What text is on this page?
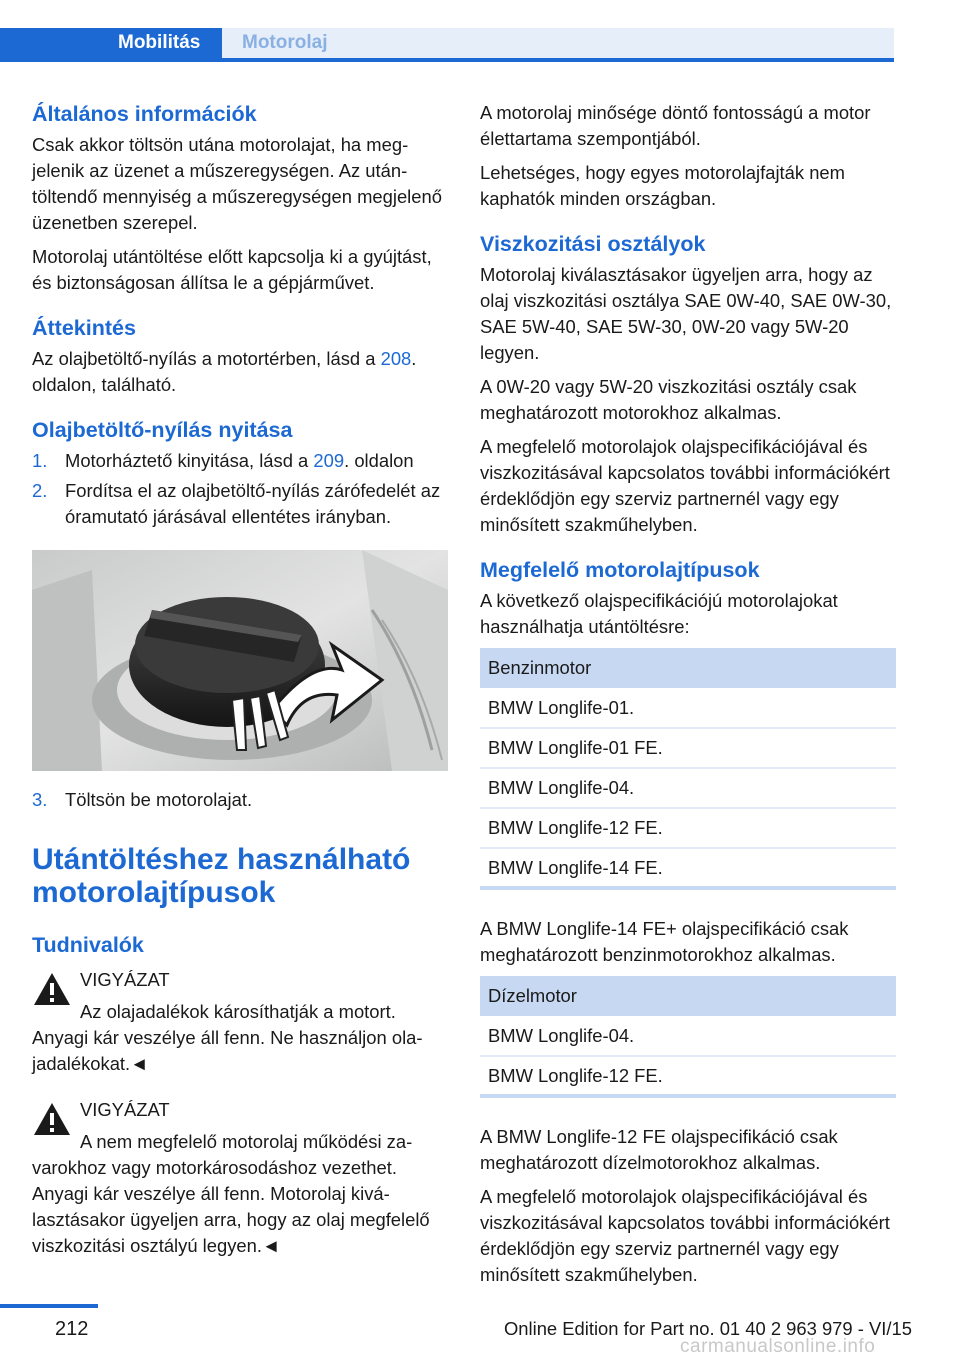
Mobilitás	Motorolaj
Általános információk

Csak akkor töltsön utána motorolajat, ha megjelenik az üzenet a műszeregységen. Az utántöltendő mennyiség a műszeregységen megjelenő üzenetben szerepel.

Motorolaj utántöltése előtt kapcsolja ki a gyújtást, és biztonságosan állítsa le a gépjárművet.

Áttekintés

Az olajbetöltő-nyílás a motortérben, lásd a 208. oldalon, található.

Olajbetöltő-nyílás nyitása
1. Motorháztető kinyitása, lásd a 209. oldalon
2. Fordítsa el az olajbetöltő-nyílás zárófedelét az óramutató járásával ellentétes irányban.
3. Töltsön be motorolajat.
Utántöltéshez használható motorolajtípusok
Tudnivalók
VIGYÁZAT

Az olajadalékok károsíthatják a motort. Anyagi kár veszélye áll fenn. Ne használjon olajadalékokat.◄

VIGYÁZAT

A nem megfelelő motorolaj működési zavarokhoz vagy motorkárosodáshoz vezethet. Anyagi kár veszélye áll fenn. Motorolaj kiválasztásakor ügyeljen arra, hogy az olaj megfelelő viszkozitási osztályú legyen.◄

A motorolaj minősége döntő fontosságú a motor élettartama szempontjából.

Lehetséges, hogy egyes motorolajfajták nem kaphatók minden országban.

Viszkozitási osztályok

Motorolaj kiválasztásakor ügyeljen arra, hogy az olaj viszkozitási osztálya SAE 0W-40, SAE 0W-30, SAE 5W-40, SAE 5W-30, 0W-20 vagy 5W-20 legyen.

A 0W-20 vagy 5W-20 viszkozitási osztály csak meghatározott motorokhoz alkalmas.

A megfelelő motorolajok olajspecifikációjával és viszkozitásával kapcsolatos további információkért érdeklődjön egy szerviz partnernél vagy egy minősített szakműhelyben.

Megfelelő motorolajtípusok

A következő olajspecifikációjú motorolajokat használhatja utántöltésre:

Benzinmotor
BMW Longlife-01.
BMW Longlife-01 FE.
BMW Longlife-04.
BMW Longlife-12 FE.
BMW Longlife-14 FE.

A BMW Longlife-14 FE+ olajspecifikáció csak meghatározott benzinmotorokhoz alkalmas.

Dízelmotor
BMW Longlife-04.
BMW Longlife-12 FE.

A BMW Longlife-12 FE olajspecifikáció csak meghatározott dízelmotorokhoz alkalmas.

A megfelelő motorolajok olajspecifikációjával és viszkozitásával kapcsolatos további információkért érdeklődjön egy szerviz partnernél vagy egy minősített szakműhelyben.

212	Online Edition for Part no. 01 40 2 963 979 - VI/15
carmanualsonline.info
